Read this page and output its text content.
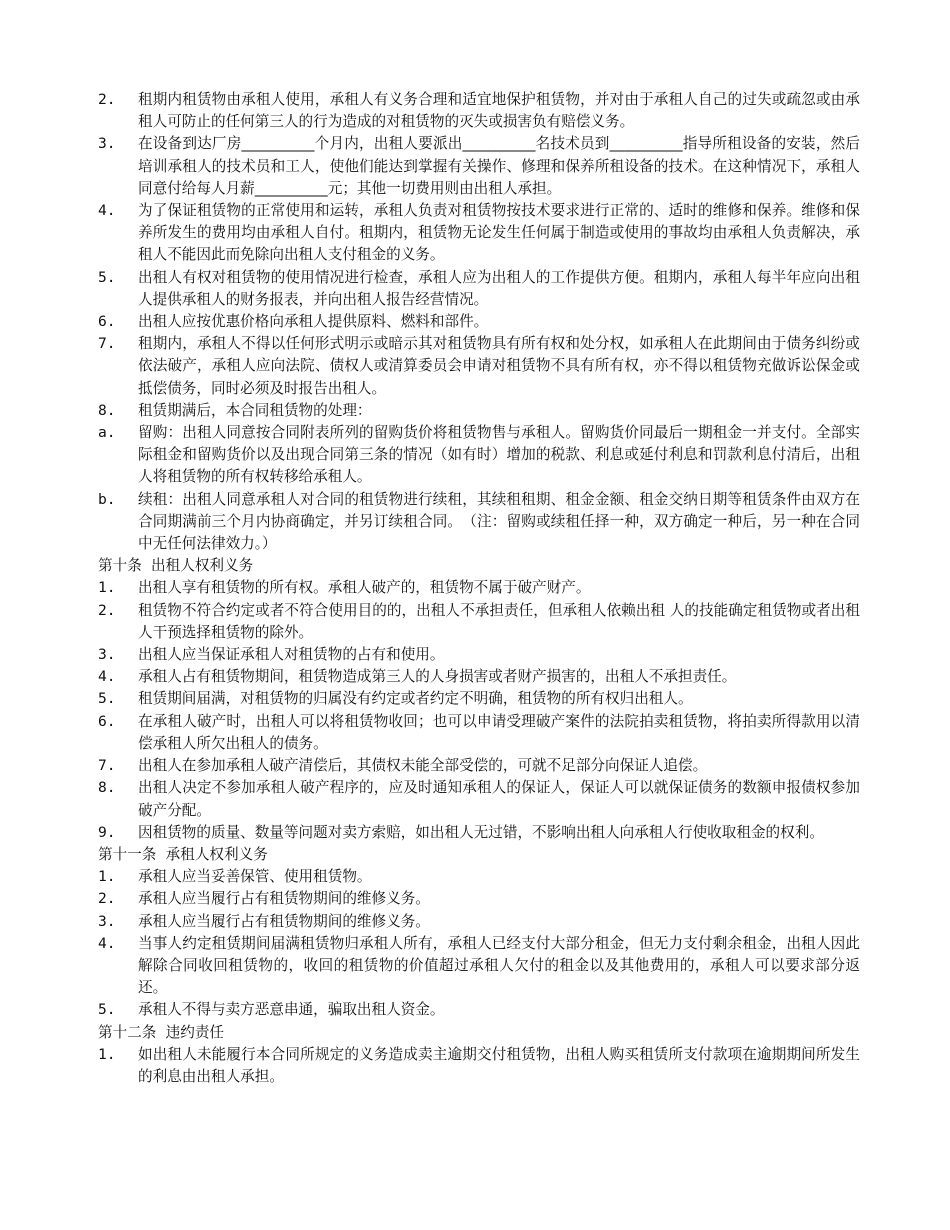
2.	租期内租赁物由承租人使用，承租人有义务合理和适宜地保护租赁物，并对由于承租人自己的过失或疏忽或由承租人可防止的任何第三人的行为造成的对租赁物的灭失或损害负有赔偿义务。
3.	在设备到达厂房__________个月内，出租人要派出__________名技术员到__________指导所租设备的安装，然后培训承租人的技术员和工人，使他们能达到掌握有关操作、修理和保养所租设备的技术。在这种情况下，承租人同意付给每人月薪__________元；其他一切费用则由出租人承担。
4.	为了保证租赁物的正常使用和运转，承租人负责对租赁物按技术要求进行正常的、适时的维修和保养。维修和保养所发生的费用均由承租人自付。租期内，租赁物无论发生任何属于制造或使用的事故均由承租人负责解决，承租人不能因此而免除向出租人支付租金的义务。
5.	出租人有权对租赁物的使用情况进行检查，承租人应为出租人的工作提供方便。租期内，承租人每半年应向出租人提供承租人的财务报表，并向出租人报告经营情况。
6.	出租人应按优惠价格向承租人提供原料、燃料和部件。
7.	租期内，承租人不得以任何形式明示或暗示其对租赁物具有所有权和处分权，如承租人在此期间由于债务纠纷或依法破产，承租人应向法院、债权人或清算委员会申请对租赁物不具有所有权，亦不得以租赁物充做诉讼保金或抵偿债务，同时必须及时报告出租人。
8.	租赁期满后，本合同租赁物的处理：
a.	留购：出租人同意按合同附表所列的留购货价将租赁物售与承租人。留购货价同最后一期租金一并支付。全部实际租金和留购货价以及出现合同第三条的情况（如有时）增加的税款、利息或延付利息和罚款利息付清后，出租人将租赁物的所有权转移给承租人。
b.	续租：出租人同意承租人对合同的租赁物进行续租，其续租租期、租金金额、租金交纳日期等租赁条件由双方在合同期满前三个月内协商确定，并另订续租合同。　（注：留购或续租任择一种，双方确定一种后，另一种在合同中无任何法律效力。）
第十条  出租人权利义务
1.	出租人享有租赁物的所有权。承租人破产的，租赁物不属于破产财产。
2.	租赁物不符合约定或者不符合使用目的的，出租人不承担责任，但承租人依赖出租 人的技能确定租赁物或者出租人干预选择租赁物的除外。
3.	出租人应当保证承租人对租赁物的占有和使用。
4.	承租人占有租赁物期间，租赁物造成第三人的人身损害或者财产损害的，出租人不承担责任。
5.	租赁期间届满，对租赁物的归属没有约定或者约定不明确，租赁物的所有权归出租人。
6.	在承租人破产时，出租人可以将租赁物收回；也可以申请受理破产案件的法院拍卖租赁物，将拍卖所得款用以清偿承租人所欠出租人的债务。
7.	出租人在参加承租人破产清偿后，其债权未能全部受偿的，可就不足部分向保证人追偿。
8.	出租人决定不参加承租人破产程序的，应及时通知承租人的保证人，保证人可以就保证债务的数额申报债权参加破产分配。
9.	因租赁物的质量、数量等问题对卖方索赔，如出租人无过错，不影响出租人向承租人行使收取租金的权利。
第十一条  承租人权利义务
1.	承租人应当妥善保管、使用租赁物。
2.	承租人应当履行占有租赁物期间的维修义务。
3.	承租人应当履行占有租赁物期间的维修义务。
4.	当事人约定租赁期间届满租赁物归承租人所有，承租人已经支付大部分租金，但无力支付剩余租金，出租人因此解除合同收回租赁物的，收回的租赁物的价值超过承租人欠付的租金以及其他费用的，承租人可以要求部分返还。
5.	承租人不得与卖方恶意串通，骗取出租人资金。
第十二条  违约责任
1.	如出租人未能履行本合同所规定的义务造成卖主逾期交付租赁物，出租人购买租赁所支付款项在逾期期间所发生的利息由出租人承担。
